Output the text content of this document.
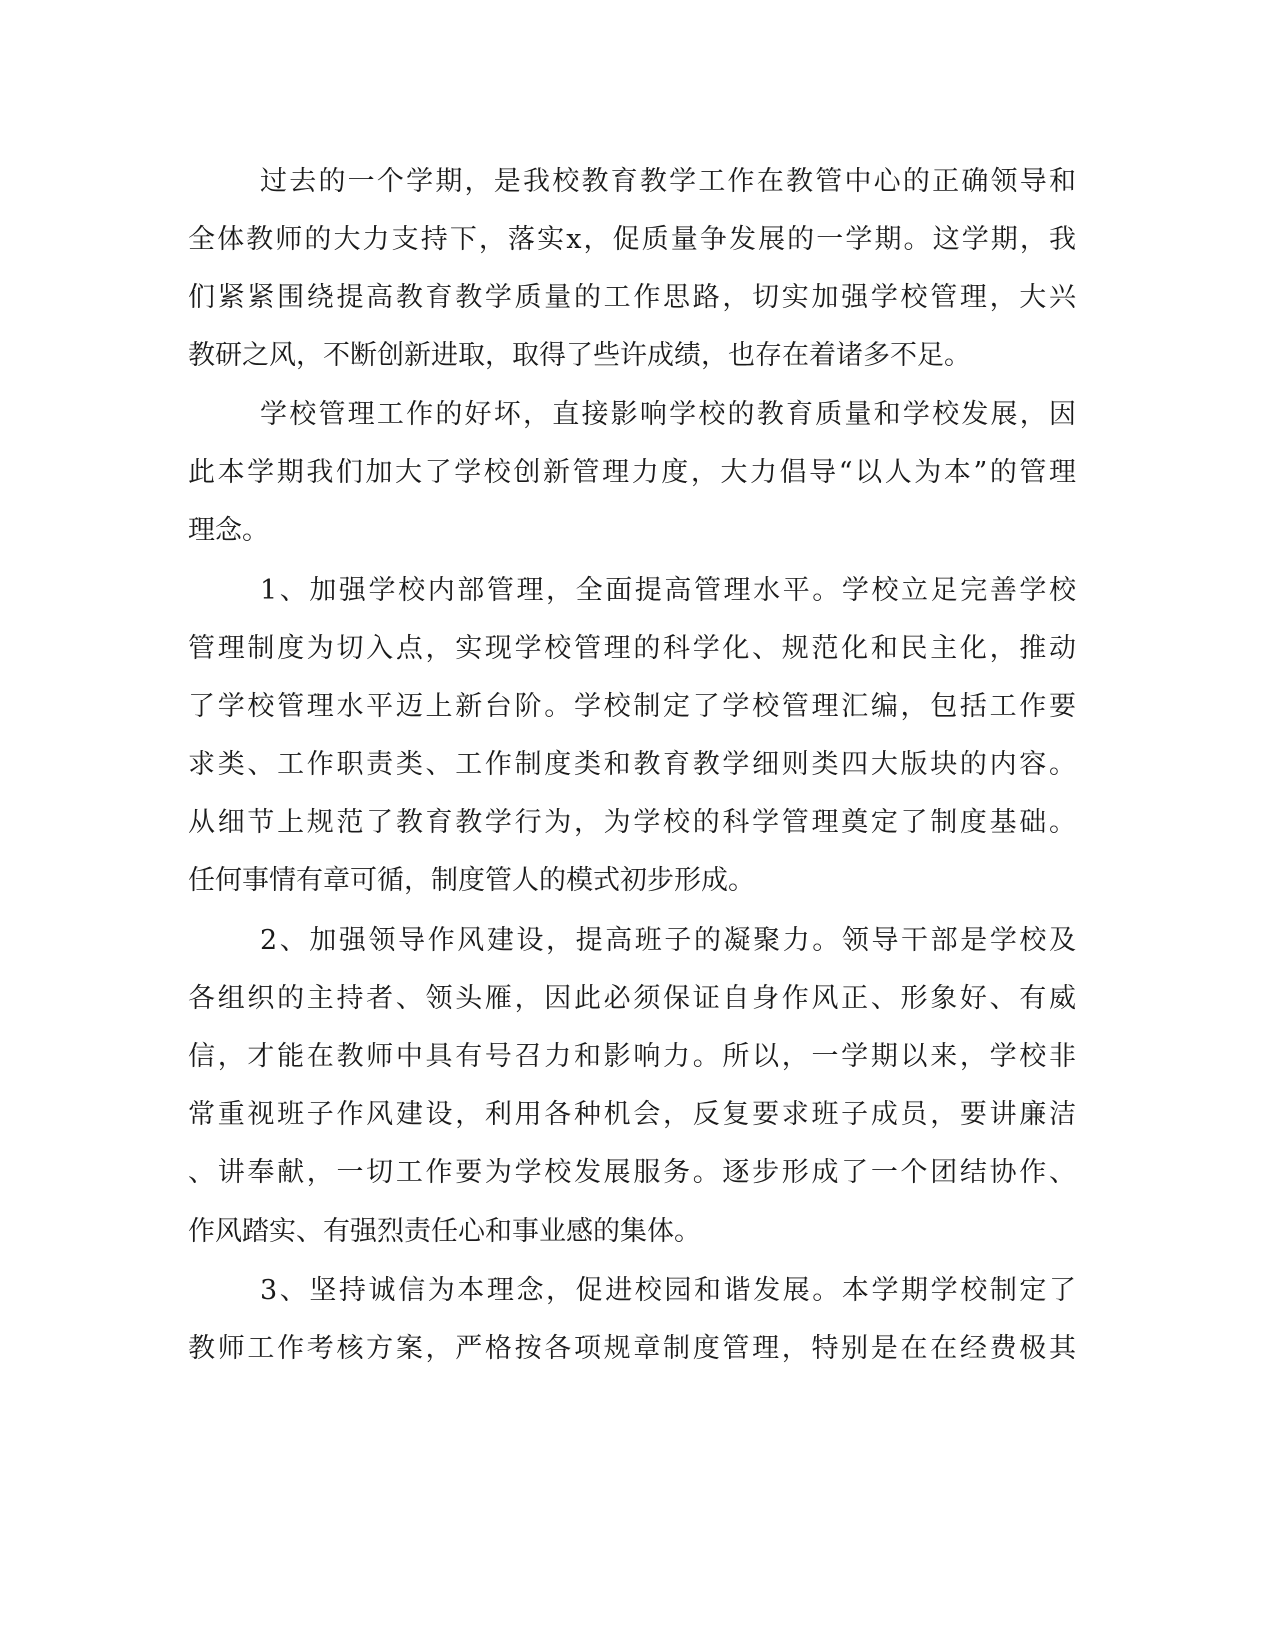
过去的一个学期，是我校教育教学工作在教管中心的正确领导和
全体教师的大力支持下，落实x，促质量争发展的一学期。这学期，我
们紧紧围绕提高教育教学质量的工作思路，切实加强学校管理，大兴
教研之风，不断创新进取，取得了些许成绩，也存在着诸多不足。
学校管理工作的好坏，直接影响学校的教育质量和学校发展，因
此本学期我们加大了学校创新管理力度，大力倡导“以人为本”的管理
理念。
1、加强学校内部管理，全面提高管理水平。学校立足完善学校
管理制度为切入点，实现学校管理的科学化、规范化和民主化，推动
了学校管理水平迈上新台阶。学校制定了学校管理汇编，包括工作要
求类、工作职责类、工作制度类和教育教学细则类四大版块的内容。
从细节上规范了教育教学行为，为学校的科学管理奠定了制度基础。
任何事情有章可循，制度管人的模式初步形成。
2、加强领导作风建设，提高班子的凝聚力。领导干部是学校及
各组织的主持者、领头雁，因此必须保证自身作风正、形象好、有威
信，才能在教师中具有号召力和影响力。所以，一学期以来，学校非
常重视班子作风建设，利用各种机会，反复要求班子成员，要讲廉洁
、讲奉献，一切工作要为学校发展服务。逐步形成了一个团结协作、
作风踏实、有强烈责任心和事业感的集体。
3、坚持诚信为本理念，促进校园和谐发展。本学期学校制定了
教师工作考核方案，严格按各项规章制度管理，特别是在在经费极其
